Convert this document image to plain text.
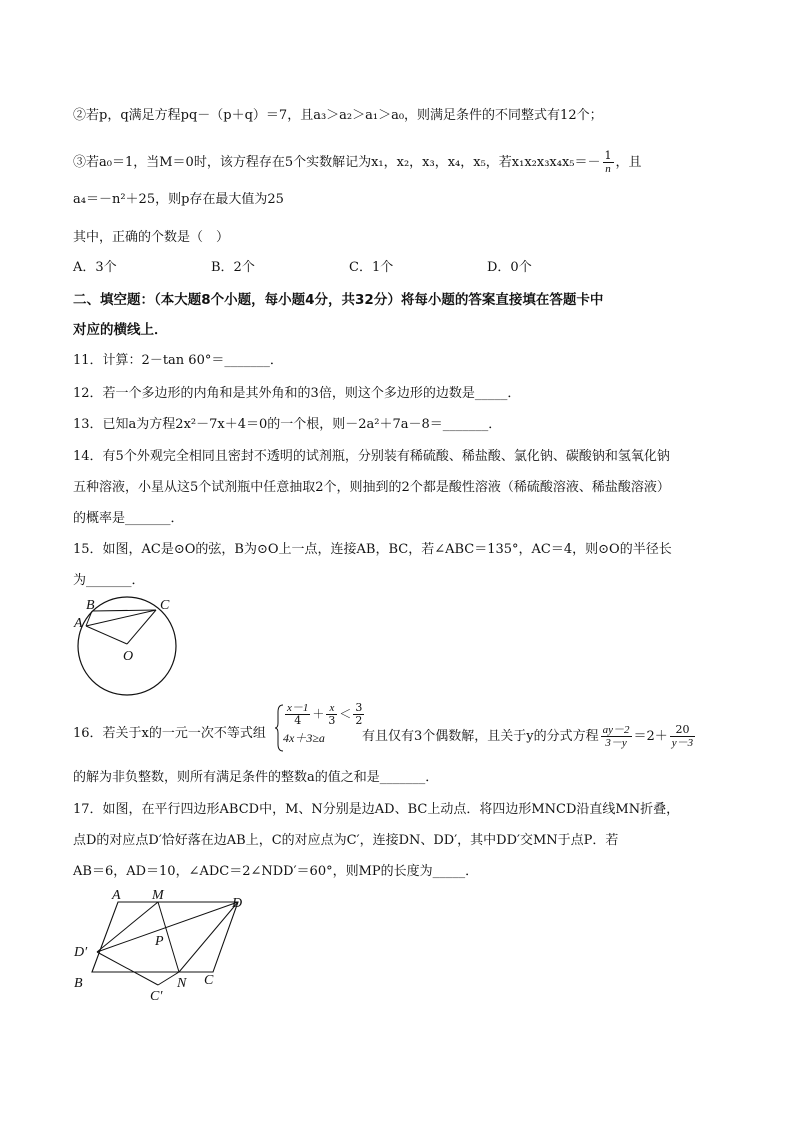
②若p，q满足方程pq－（p＋q）＝7，且a₃＞a₂＞a₁＞a₀，则满足条件的不同整式有12个；
③若a₀＝1，当M＝0时，该方程存在5个实数解记为x₁，x₂，x₃，x₄，x₅，若$x_1x_2x_3x_4x_5=- \frac{1}{n}$ ，且
a₄＝－n²＋25，则p存在最大值为25
其中，正确的个数是（　）
A．3个	B．2个	C．1个	D．0个
二、填空题：（本大题8个小题，每小题4分，共32分）将每小题的答案直接填在答题卡中
对应的横线上．
11．计算：2－tan 60°＝_______．
12．若一个多边形的内角和是其外角和的3倍，则这个多边形的边数是_____．
13．已知a为方程2x²－7x＋4＝0的一个根，则－2a²＋7a－8＝_______．
14．有5个外观完全相同且密封不透明的试剂瓶，分别装有稀硫酸、稀盐酸、氯化钠、碳酸钠和氢氧化钠
五种溶液，小星从这5个试剂瓶中任意抽取2个，则抽到的2个都是酸性溶液（稀硫酸溶液、稀盐酸溶液）
的概率是_______．
15．如图，AC是⊙O的弦，B为⊙O上一点，连接AB，BC，若∠ABC＝135°，AC＝4，则⊙O的半径长
为_______．
B	C
A
O
16．若关于x的一元一次不等式组
$\frac{x-1}{4} + \frac{x}{3} < \frac{3}{2}$
4x＋3≥a	有且仅有3个偶数解，且关于y的分式方程 $\frac{ay-2}{3-y} =2+ \frac{20}{y-3}$
的解为非负整数，则所有满足条件的整数a的值之和是_______．
17．如图，在平行四边形ABCD中，M、N分别是边AD、BC上动点．将四边形MNCD沿直线MN折叠，
点D的对应点D′恰好落在边AB上，C的对应点为C′，连接DN、DD′，其中DD′交MN于点P．若
AB＝6，AD＝10，∠ADC＝2∠NDD′＝60°，则MP的长度为_____．
A M
D
P
D′
B
C′
N C
